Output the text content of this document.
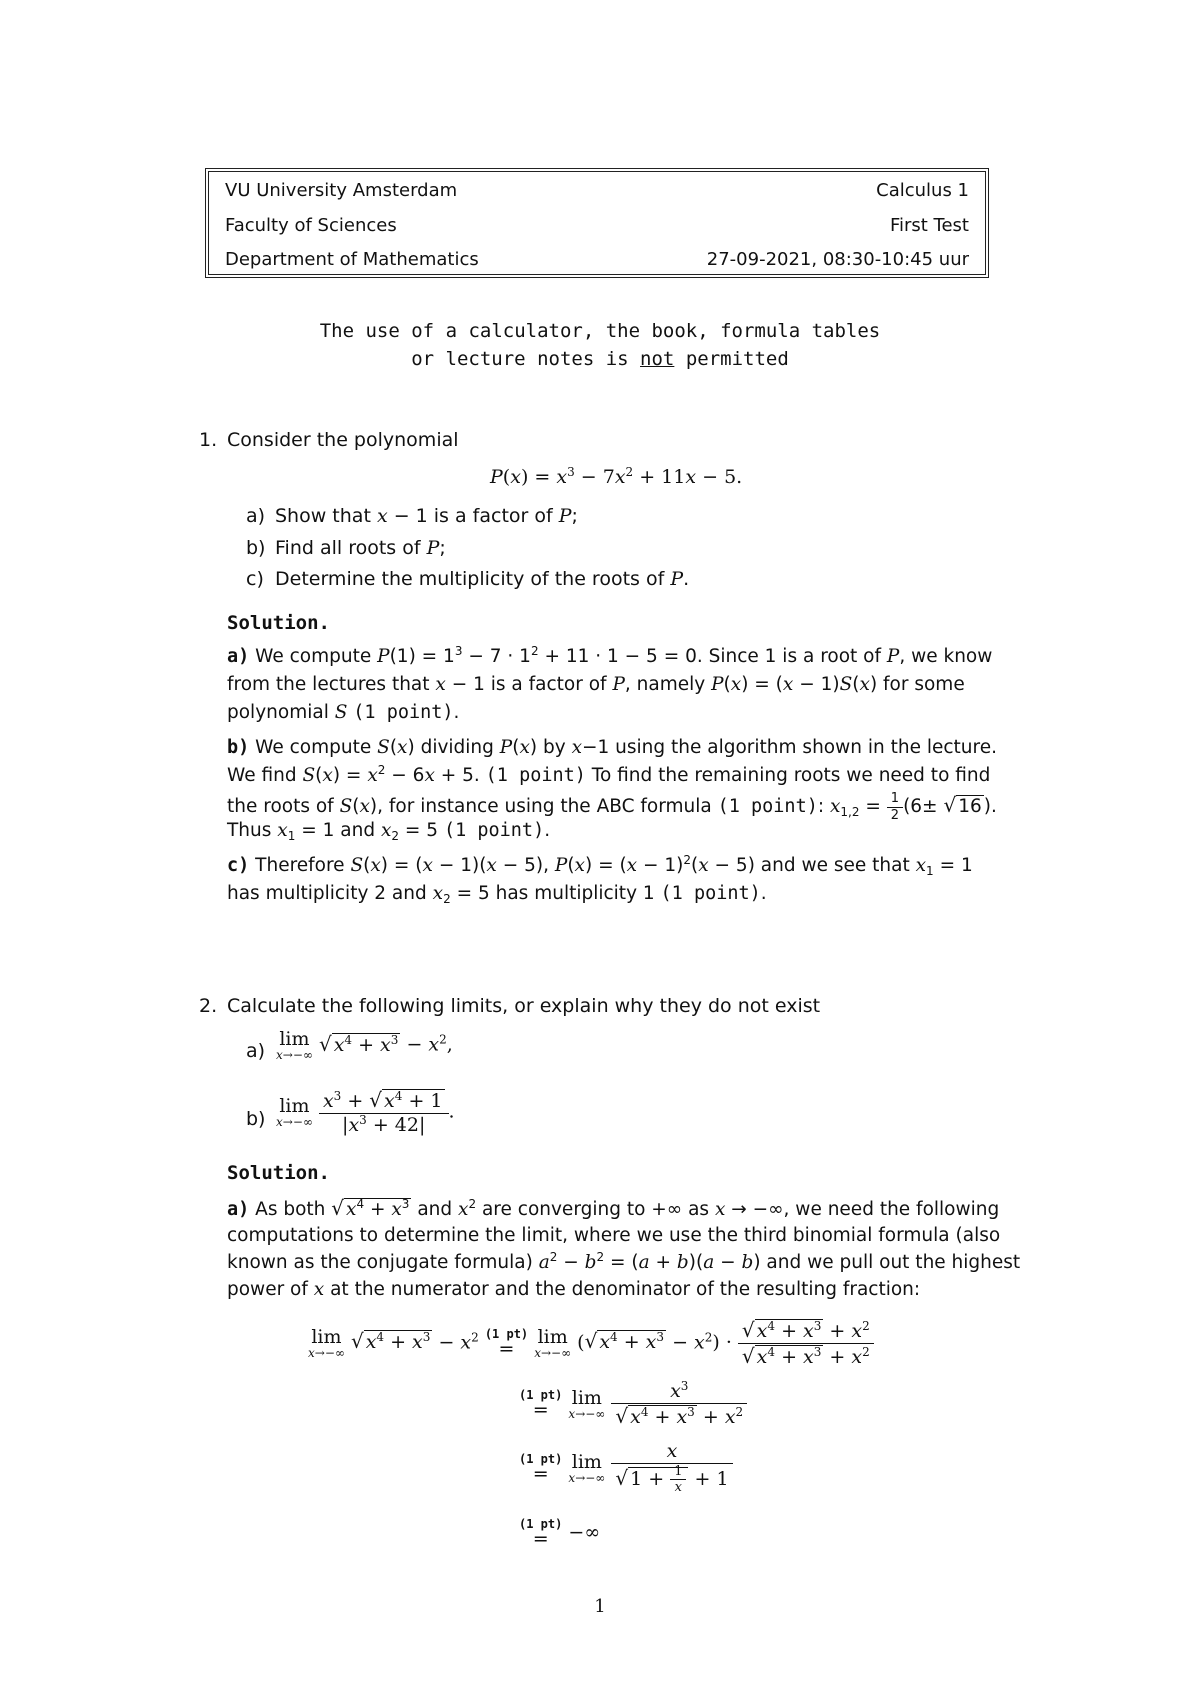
VU University Amsterdam	Calculus 1
Faculty of Sciences	First Test
Department of Mathematics	27-09-2021, 08:30-10:45 uur
The use of a calculator, the book, formula tables
or lecture notes is not permitted
1. Consider the polynomial
$P(x) = x^3 - 7x^2 + 11x - 5$.
a) Show that x − 1 is a factor of P;
b) Find all roots of P;
c) Determine the multiplicity of the roots of P.
Solution.
a) We compute $P(1) = 1^3 - 7 \cdot 1^2 + 11 \cdot 1 - 5 = 0$. Since 1 is a root of P, we know
from the lectures that x − 1 is a factor of P, namely P(x) = (x − 1)S(x) for some
polynomial S (1 point).
b) We compute S(x) dividing P(x) by x−1 using the algorithm shown in the lecture.
We find $S(x) = x^2 - 6x + 5$. (1 point) To find the remaining roots we need to find
the roots of S(x), for instance using the ABC formula (1 point): $x_{1,2} = \frac{1}{2} (6\pm$ √ 16 ).
Thus $x_1 = 1$ and $x_2 = 5$ (1 point).
c) Therefore S(x) = (x − 1)(x − 5), $P(x) = (x - 1)^2(x - 5)$ and we see that $x_1 = 1$
has multiplicity 2 and $x_2 = 5$ has multiplicity 1 (1 point).
2. Calculate the following limits, or explain why they do not exist
a)
lim
x→−∞ √ $x^4 + x^3 - x^2$,
b)
lim
x→−∞
$\frac{x^3 + √ x^4 + 1}{|x^3 + 42|}$ .
Solution.
a) As both √ $x^4 + x^3$ and $x^2$ are converging to +∞ as x → −∞, we need the following
computations to determine the limit, where we use the third binomial formula (also
known as the conjugate formula) $a^2 - b^2 = (a + b)(a - b)$ and we pull out the highest
power of x at the numerator and the denominator of the resulting fraction:
lim
x→−∞ √ $x^4 + x^3 - x^2$ (1 pt)
=

lim
x→−∞ (√ $x^4 + x^3 - x^2) \cdot \frac{√ x^4 + x^3 + x^2}{√ x^4 + x^3 + x^2}$
(1 pt)
=

lim
x→−∞
$\frac{x^3}{√ x^4 + x^3 + x^2}$
(1 pt)
=

lim
x→−∞
$\frac{x}{√ 1 + \frac{1}{x} + 1}$
(1 pt)
= −∞
1
